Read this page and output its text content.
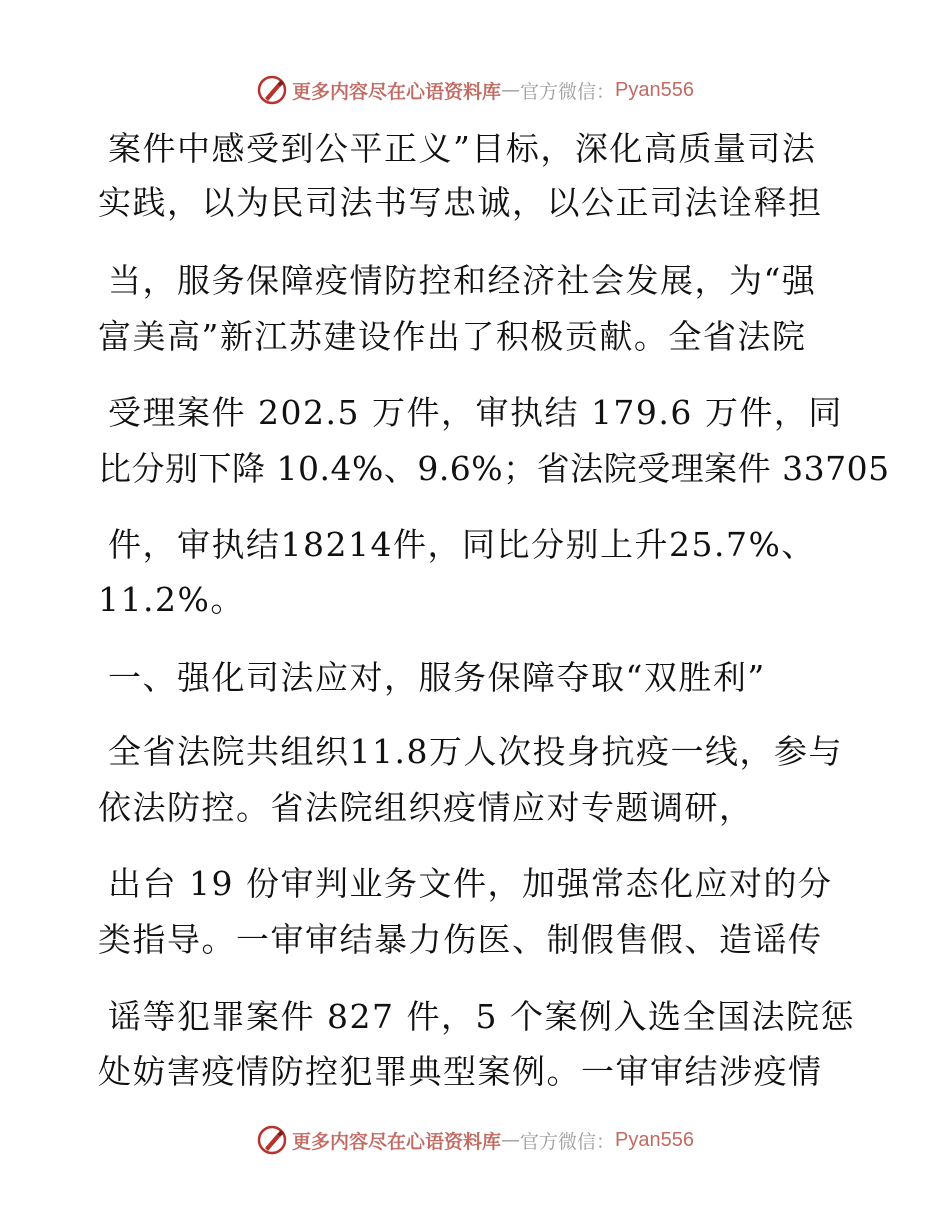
更多内容尽在心语资料库 — 官方微信： Pyan556

案件中感受到公平正义”目标，深化高质量司法

实践，以为民司法书写忠诚，以公正司法诠释担

当，服务保障疫情防控和经济社会发展，为“强

富美高”新江苏建设作出了积极贡献。全省法院

受理案件 202.5 万件，审执结 179.6 万件，同

比分别下降 10.4%、9.6%；省法院受理案件 33705

件，审执结18214件，同比分别上升25.7%、

11.2%。

一、强化司法应对，服务保障夺取“双胜利”

全省法院共组织11.8万人次投身抗疫一线，参与

依法防控。省法院组织疫情应对专题调研，

出台 19 份审判业务文件，加强常态化应对的分

类指导。一审审结暴力伤医、制假售假、造谣传

谣等犯罪案件 827 件，5 个案例入选全国法院惩

处妨害疫情防控犯罪典型案例。一审审结涉疫情

更多内容尽在心语资料库 — 官方微信： Pyan556
